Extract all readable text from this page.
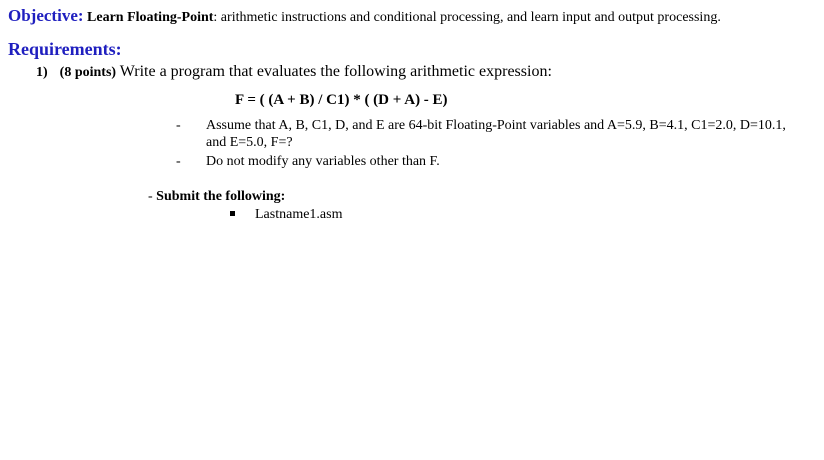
Objective: Learn Floating-Point: arithmetic instructions and conditional processing, and learn input and output processing.
Requirements:
1) (8 points) Write a program that evaluates the following arithmetic expression:
F = ( (A + B) / C1) * ( (D + A) - E)
- Assume that A, B, C1, D, and E are 64-bit Floating-Point variables and A=5.9, B=4.1, C1=2.0, D=10.1, and E=5.0, F=?
- Do not modify any variables other than F.
- Submit the following:
Lastname1.asm
